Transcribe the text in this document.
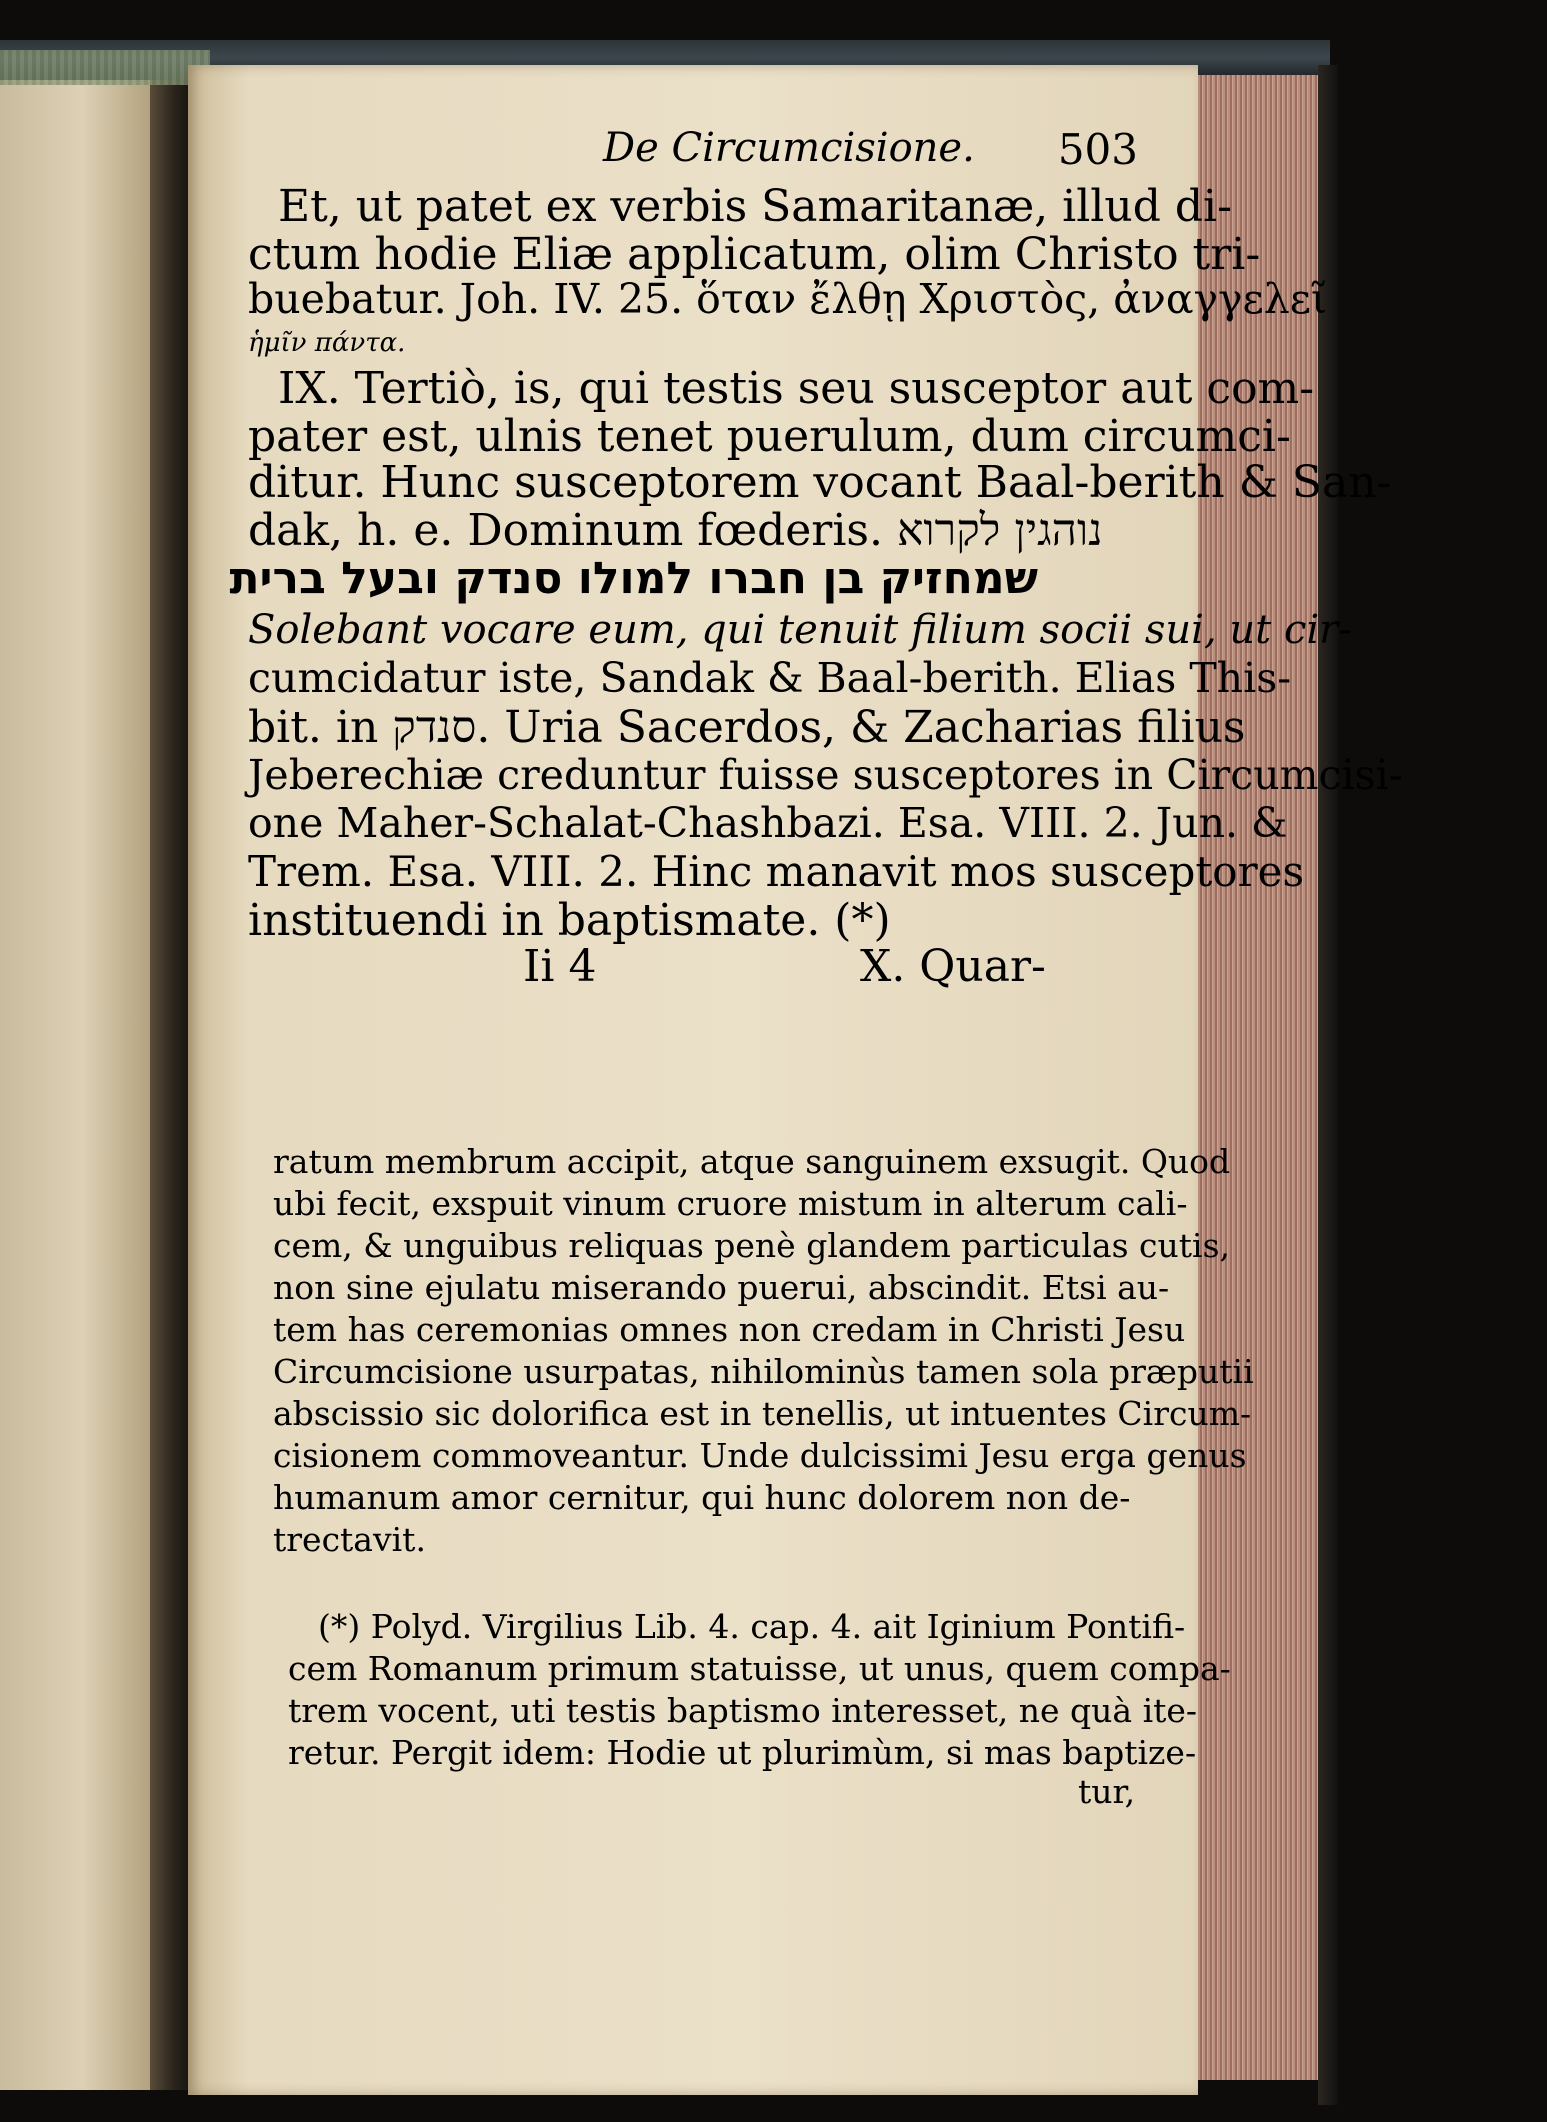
De Circumcisione. 503
Et, ut patet ex verbis Samaritanæ, illud di-
ctum hodie Eliæ applicatum, olim Christo tri-
buebatur. Joh. IV. 25. ὅταν ἔλθῃ Χριστὸς, ἀναγγελεῖ
ἡμῖν πάντα.
IX. Tertiò, is, qui testis seu susceptor aut com-
pater est, ulnis tenet puerulum, dum circumci-
ditur. Hunc susceptorem vocant Baal-berith & San-
dak, h. e. Dominum fœderis. נוהגין לקרוא
שמחזיק בן חברו למולו סנדק ובעל ברית
Solebant vocare eum, qui tenuit filium socii sui, ut cir-
cumcidatur iste, Sandak & Baal-berith. Elias This-
bit. in סנדק. Uria Sacerdos, & Zacharias filius
Jeberechiæ creduntur fuisse susceptores in Circumcisi-
one Maher-Schalat-Chashbazi. Esa. VIII. 2. Jun. &
Trem. Esa. VIII. 2. Hinc manavit mos susceptores
instituendi in baptismate. (*)
Ii 4	X. Quar-
ratum membrum accipit, atque sanguinem exsugit. Quod
ubi fecit, exspuit vinum cruore mistum in alterum cali-
cem, & unguibus reliquas penè glandem particulas cutis,
non sine ejulatu miserando puerui, abscindit. Etsi au-
tem has ceremonias omnes non credam in Christi Jesu
Circumcisione usurpatas, nihilominùs tamen sola præputii
abscissio sic dolorifica est in tenellis, ut intuentes Circum-
cisionem commoveantur. Unde dulcissimi Jesu erga genus
humanum amor cernitur, qui hunc dolorem non de-
trectavit.
(*) Polyd. Virgilius Lib. 4. cap. 4. ait Iginium Pontifi-
cem Romanum primum statuisse, ut unus, quem compa-
trem vocent, uti testis baptismo interesset, ne quà ite-
retur. Pergit idem: Hodie ut plurimùm, si mas baptize-
tur,
